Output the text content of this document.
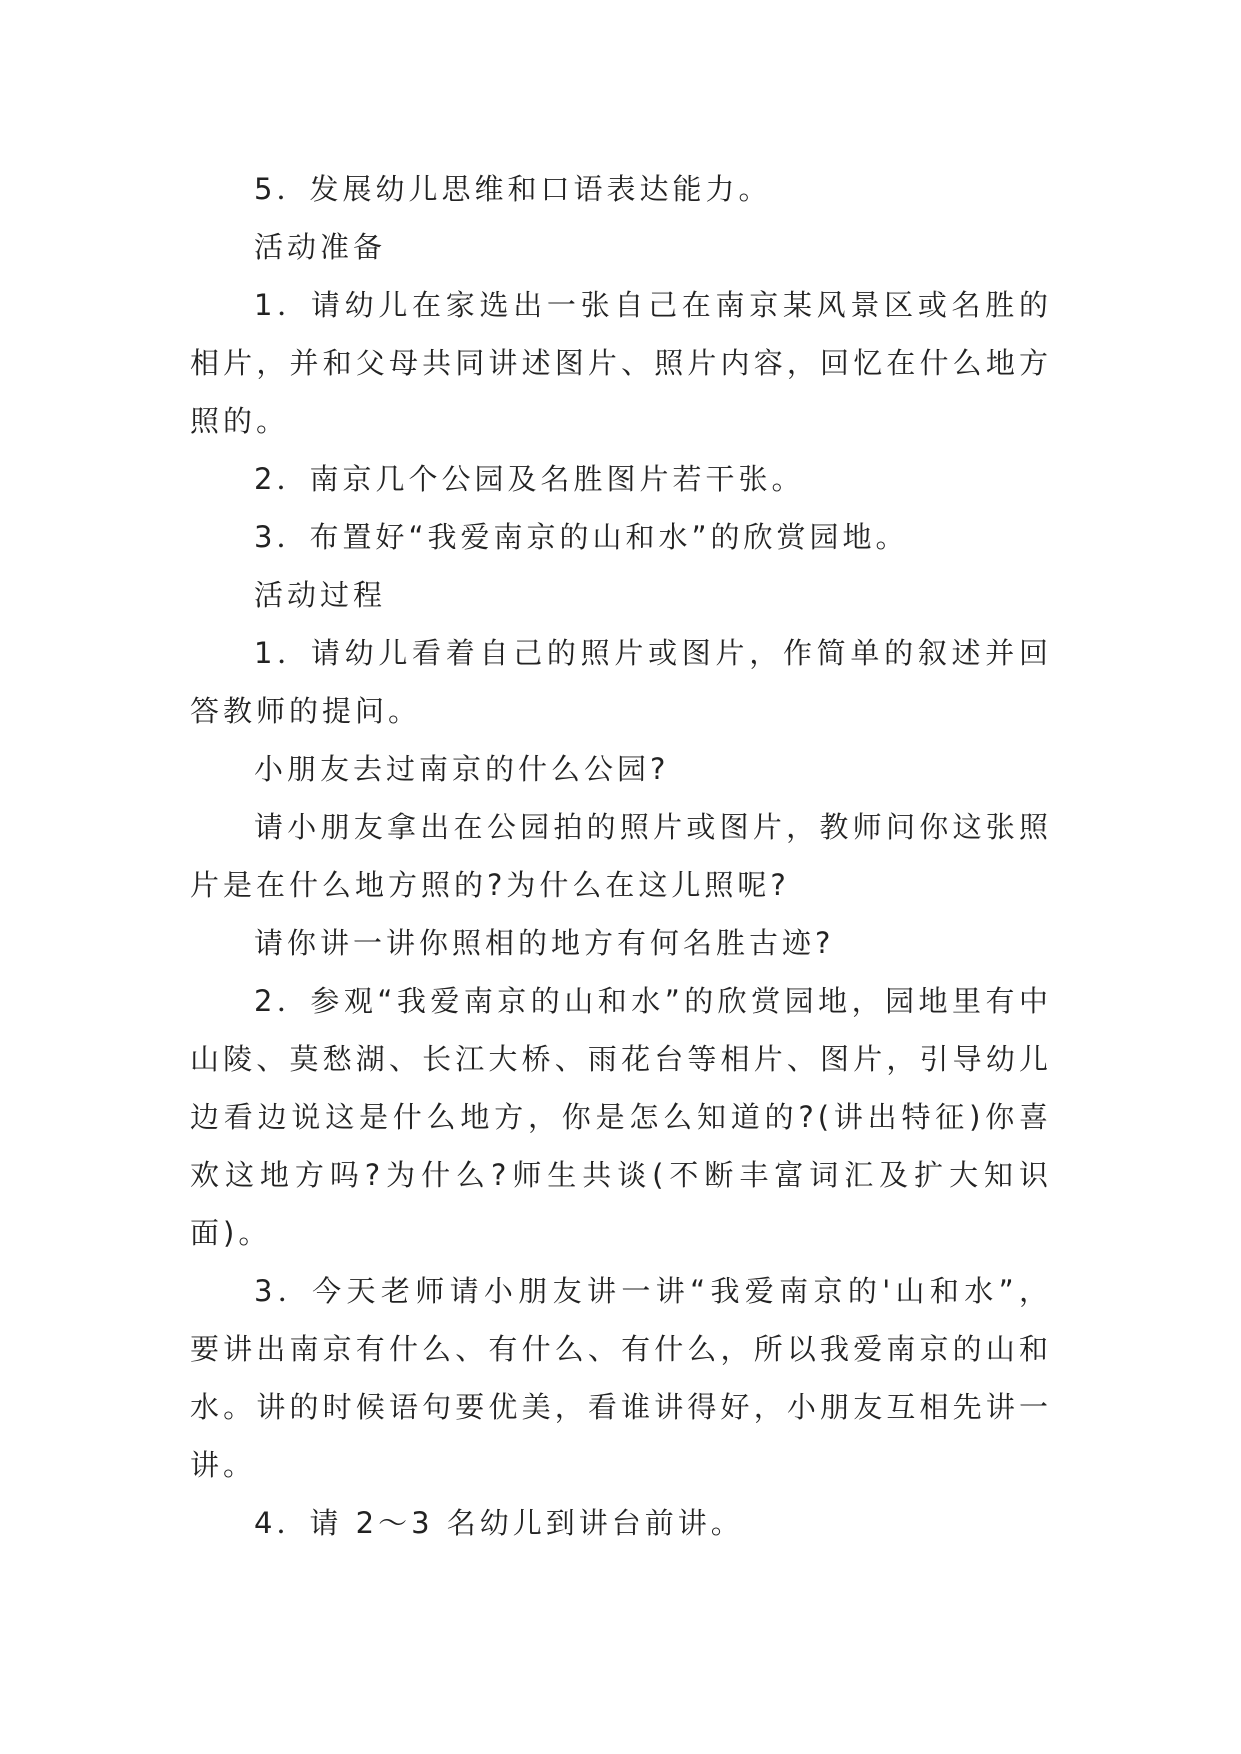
5．发展幼儿思维和口语表达能力。

活动准备

1．请幼儿在家选出一张自己在南京某风景区或名胜的相片，并和父母共同讲述图片、照片内容，回忆在什么地方照的。

2．南京几个公园及名胜图片若干张。

3．布置好“我爱南京的山和水”的欣赏园地。

活动过程

1．请幼儿看着自己的照片或图片，作简单的叙述并回答教师的提问。

小朋友去过南京的什么公园?

请小朋友拿出在公园拍的照片或图片，教师问你这张照片是在什么地方照的?为什么在这儿照呢?

请你讲一讲你照相的地方有何名胜古迹?

2．参观“我爱南京的山和水”的欣赏园地，园地里有中山陵、莫愁湖、长江大桥、雨花台等相片、图片，引导幼儿边看边说这是什么地方，你是怎么知道的?(讲出特征)你喜欢这地方吗?为什么?师生共谈(不断丰富词汇及扩大知识面)。

3．今天老师请小朋友讲一讲“我爱南京的'山和水”，要讲出南京有什么、有什么、有什么，所以我爱南京的山和水。讲的时候语句要优美，看谁讲得好，小朋友互相先讲一讲。

4．请 2～3 名幼儿到讲台前讲。
